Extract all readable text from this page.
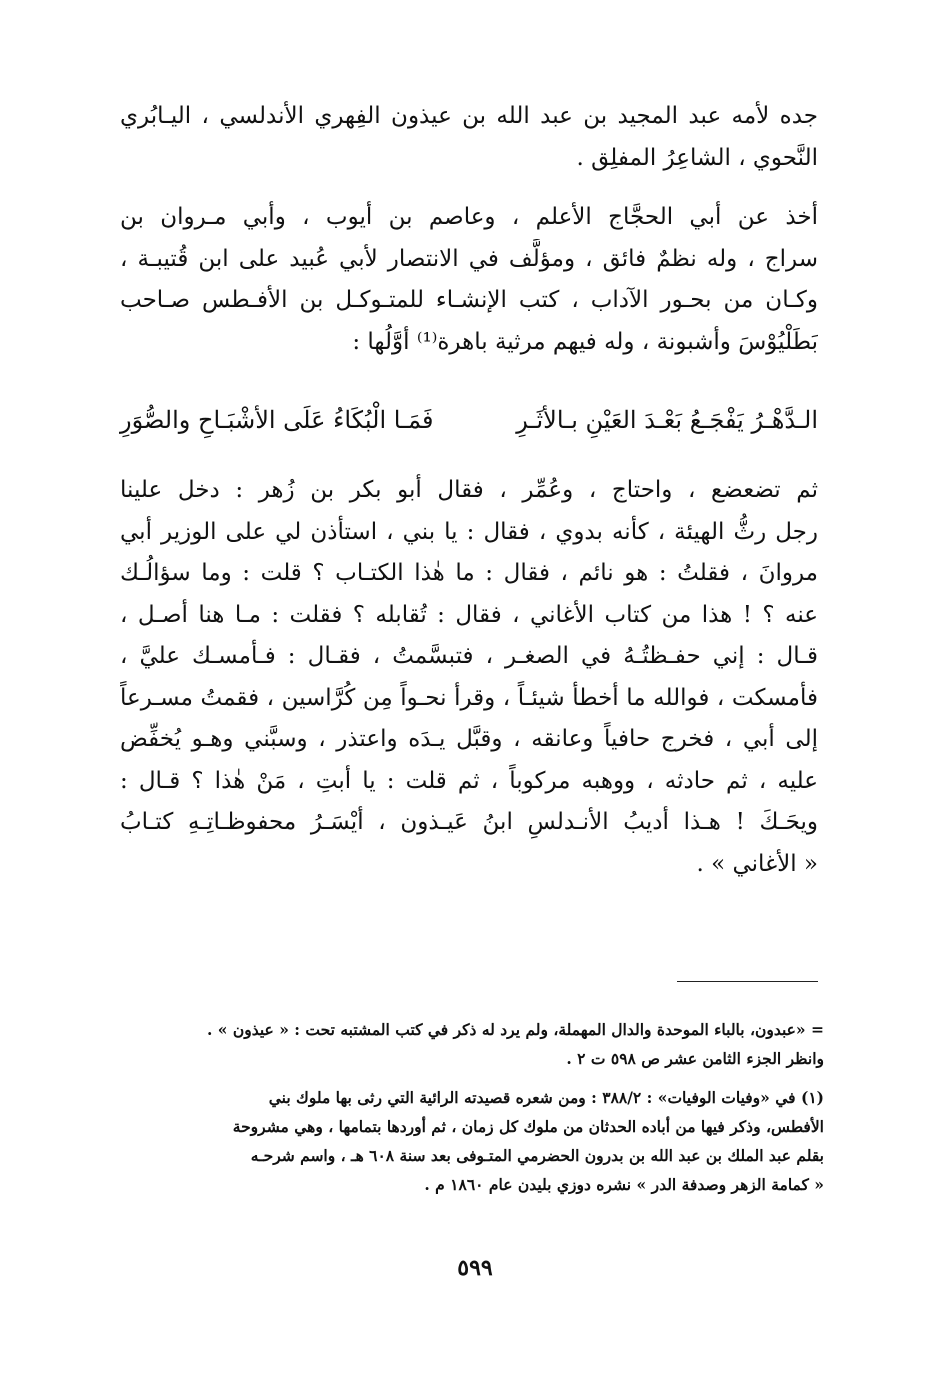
جده لأمه عبد المجيد بن عبد الله بن عيذون الفِهري الأندلسي ، اليـابُري
النَّحوي ، الشاعِرُ المفلِق .
أخذ عن أبي الحجَّاج الأعلم ، وعاصم بن أيوب ، وأبي مـروان بن
سراج ، وله نظمٌ فائق ، ومؤلَّف في الانتصار لأبي عُبيد على ابن قُتيبـة ،
وكـان من بحـور الآداب ، كتب الإنشـاء للمتـوكـل بن الأفـطس صـاحب
بَطَلْيُوْسَ وأشبونة ، وله فيهم مرثية باهرة⁽¹⁾ أوَّلُها :
الـدَّهْـرُ يَفْجَـعُ بَعْـدَ العَيْنِ بـالأثَـرِ
فَمَـا الْبُكَاءُ عَلَى الأشْبَـاحِ والصُّوَرِ
ثم تضعضع ، واحتاج ، وعُمِّر ، فقال أبو بكر بن زُهر : دخل علينا
رجل رثُّ الهيئة ، كأنه بدوي ، فقال : يا بني ، استأذن لي على الوزير أبي
مروانَ ، فقلتُ : هو نائم ، فقال : ما هٰذا الكتـاب ؟ قلت : وما سؤالُـك
عنه ؟ ! هذا من كتاب الأغاني ، فقال : تُقابله ؟ فقلت : مـا هنا أصـل ،
قـال : إني حفـظتُـهُ في الصغـر ، فتبسَّمتُ ، فقـال : فـأمسـك عليَّ ،
فأمسكت ، فوالله ما أخطأ شيئـاً ، وقرأ نحـواً مِن كُرَّاسين ، فقمتُ مسـرعاً
إلى أبي ، فخرج حافياً وعانقه ، وقبَّل يـدَه واعتذر ، وسبَّني وهـو يُخفِّض
عليه ، ثم حادثه ، ووهبه مركوباً ، ثم قلت : يا أبتِ ، مَنْ هٰذا ؟ قـال :
ويحَـكَ ! هـذا أديبُ الأنـدلسِ ابنُ عَيـذون ، أيْسَـرُ محفوظـاتِـهِ كتـابُ
« الأغاني » .
= «عبدون، بالباء الموحدة والدال المهملة، ولم يرد له ذكر في كتب المشتبه تحت : « عيذون » .
وانظر الجزء الثامن عشر ص ٥٩٨ ت ٢ .
(١) في «وفيات الوفيات» : ٣٨٨/٢ : ومن شعره قصيدته الرائية التي رثى بها ملوك بني
الأفطس، وذكر فيها من أباده الحدثان من ملوك كل زمان ، ثم أوردها بتمامها ، وهي مشروحة
بقلم عبد الملك بن عبد الله بن بدرون الحضرمي المتـوفى بعد سنة ٦٠٨ هـ ، واسم شرحـه
« كمامة الزهر وصدفة الدر » نشره دوزي بليدن عام ١٨٦٠ م .
٥٩٩
